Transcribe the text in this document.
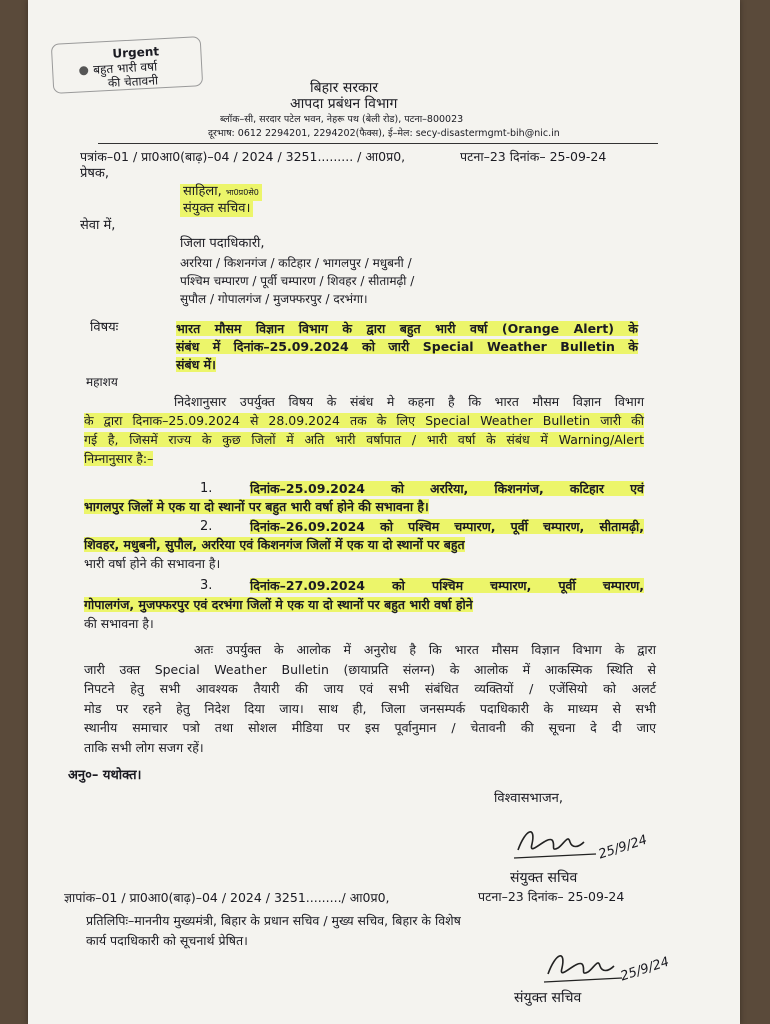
Urgent
बहुत भारी वर्षा
की चेतावनी	बिहार सरकार
आपदा प्रबंधन विभाग
ब्लॉक–सी, सरदार पटेल भवन, नेहरू पथ (बेली रोड), पटना–800023
दूरभाष: 0612 2294201, 2294202(फैक्स), ई–मेल: secy-disastermgmt-bih@nic.in
पत्रांक–01 / प्रा0आ0(बाढ़)–04 / 2024 / 3251......... / आ0प्र0,	पटना–23 दिनांक– 25-09-24
प्रेषक,
साहिला, भा0प्र0से0
संयुक्त सचिव।
सेवा में,
जिला पदाधिकारी,
अररिया / किशनगंज / कटिहार / भागलपुर / मधुबनी /
पश्चिम चम्पारण / पूर्वी चम्पारण / शिवहर / सीतामढ़ी /
सुपौल / गोपालगंज / मुजफ्फरपुर / दरभंगा।
विषयः	भारत मौसम विज्ञान विभाग के द्वारा बहुत भारी वर्षा (Orange Alert) के
संबंध में दिनांक–25.09.2024 को जारी Special Weather Bulletin के
संबंध में।
महाशय
निदेशानुसार उपर्युक्त विषय के संबंध मे कहना है कि भारत मौसम विज्ञान विभाग
के द्वारा दिनाक–25.09.2024 से 28.09.2024 तक के लिए Special Weather Bulletin जारी की
गई है, जिसमें राज्य के कुछ जिलों में अति भारी वर्षापात / भारी वर्षा के संबंध में Warning/Alert
निम्नानुसार है:–
1.	दिनांक–25.09.2024 को अररिया, किशनगंज, कटिहार एवं
भागलपुर जिलों मे एक या दो स्थानों पर बहुत भारी वर्षा होने की सभावना है।
2.	दिनांक–26.09.2024 को पश्चिम चम्पारण, पूर्वी चम्पारण, सीतामढ़ी,
शिवहर, मधुबनी, सुपौल, अररिया एवं किशनगंज जिलों में एक या दो स्थानों पर बहुत
भारी वर्षा होने की सभावना है।
3.	दिनांक–27.09.2024 को पश्चिम चम्पारण, पूर्वी चम्पारण,
गोपालगंज, मुजफ्फरपुर एवं दरभंगा जिलों मे एक या दो स्थानों पर बहुत भारी वर्षा होने
की सभावना है।
अतः उपर्युक्त के आलोक में अनुरोध है कि भारत मौसम विज्ञान विभाग के द्वारा
जारी उक्त Special Weather Bulletin (छायाप्रति संलग्न) के आलोक में आकस्मिक स्थिति से
निपटने हेतु सभी आवश्यक तैयारी की जाय एवं सभी संबंधित व्यक्तियों / एजेंसियो को अलर्ट
मोड पर रहने हेतु निदेश दिया जाय। साथ ही, जिला जनसम्पर्क पदाधिकारी के माध्यम से सभी
स्थानीय समाचार पत्रो तथा सोशल मीडिया पर इस पूर्वानुमान / चेतावनी की सूचना दे दी जाए
ताकि सभी लोग सजग रहें।
अनु०– यथोक्त।
विश्वासभाजन,
25/9/24
संयुक्त सचिव
ज्ञापांक–01 / प्रा0आ0(बाढ़)–04 / 2024 / 3251........./ आ0प्र0,	पटना–23 दिनांक– 25-09-24
प्रतिलिपिः–माननीय मुख्यमंत्री, बिहार के प्रधान सचिव / मुख्य सचिव, बिहार के विशेष
कार्य पदाधिकारी को सूचनार्थ प्रेषित।
25/9/24
संयुक्त सचिव
